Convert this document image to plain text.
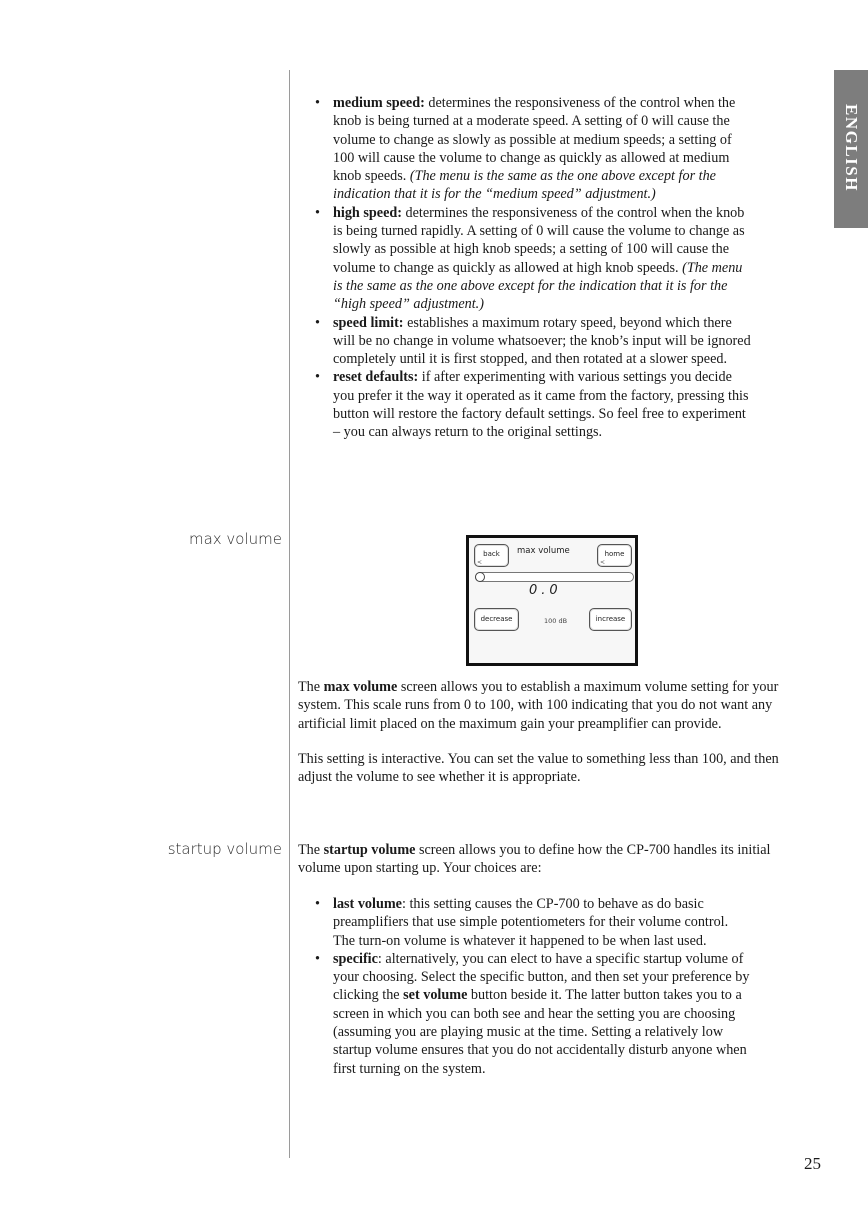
ENGLISH
• medium speed: determines the responsiveness of the control when the knob is being turned at a moderate speed. A setting of 0 will cause the volume to change as slowly as possible at medium speeds; a setting of 100 will cause the volume to change as quickly as allowed at medium knob speeds. (The menu is the same as the one above except for the indication that it is for the “medium speed” adjustment.)
• high speed: determines the responsiveness of the control when the knob is being turned rapidly. A setting of 0 will cause the volume to change as slowly as possible at high knob speeds; a setting of 100 will cause the volume to change as quickly as allowed at high knob speeds. (The menu is the same as the one above except for the indication that it is for the “high speed” adjustment.)
• speed limit: establishes a maximum rotary speed, beyond which there will be no change in volume whatsoever; the knob’s input will be ignored completely until it is first stopped, and then rotated at a slower speed.
• reset defaults: if after experimenting with various settings you decide you prefer it the way it operated as it came from the factory, pressing this button will restore the factory default settings. So feel free to experiment – you can always return to the original settings.
max volume
back
<
max volume	home
<
0.0
decrease	100 dB	increase

The max volume screen allows you to establish a maximum volume setting for your system. This scale runs from 0 to 100, with 100 indicating that you do not want any artificial limit placed on the maximum gain your preamplifier can provide.

This setting is interactive. You can set the value to something less than 100, and then adjust the volume to see whether it is appropriate.

startup volume The startup volume screen allows you to define how the CP-700 handles its initial volume upon starting up. Your choices are:

• last volume: this setting causes the CP-700 to behave as do basic preamplifiers that use simple potentiometers for their volume control. The turn-on volume is whatever it happened to be when last used.
• specific: alternatively, you can elect to have a specific startup volume of your choosing. Select the specific button, and then set your preference by clicking the set volume button beside it. The latter button takes you to a screen in which you can both see and hear the setting you are choosing (assuming you are playing music at the time. Setting a relatively low startup volume ensures that you do not accidentally disturb anyone when first turning on the system.
25
